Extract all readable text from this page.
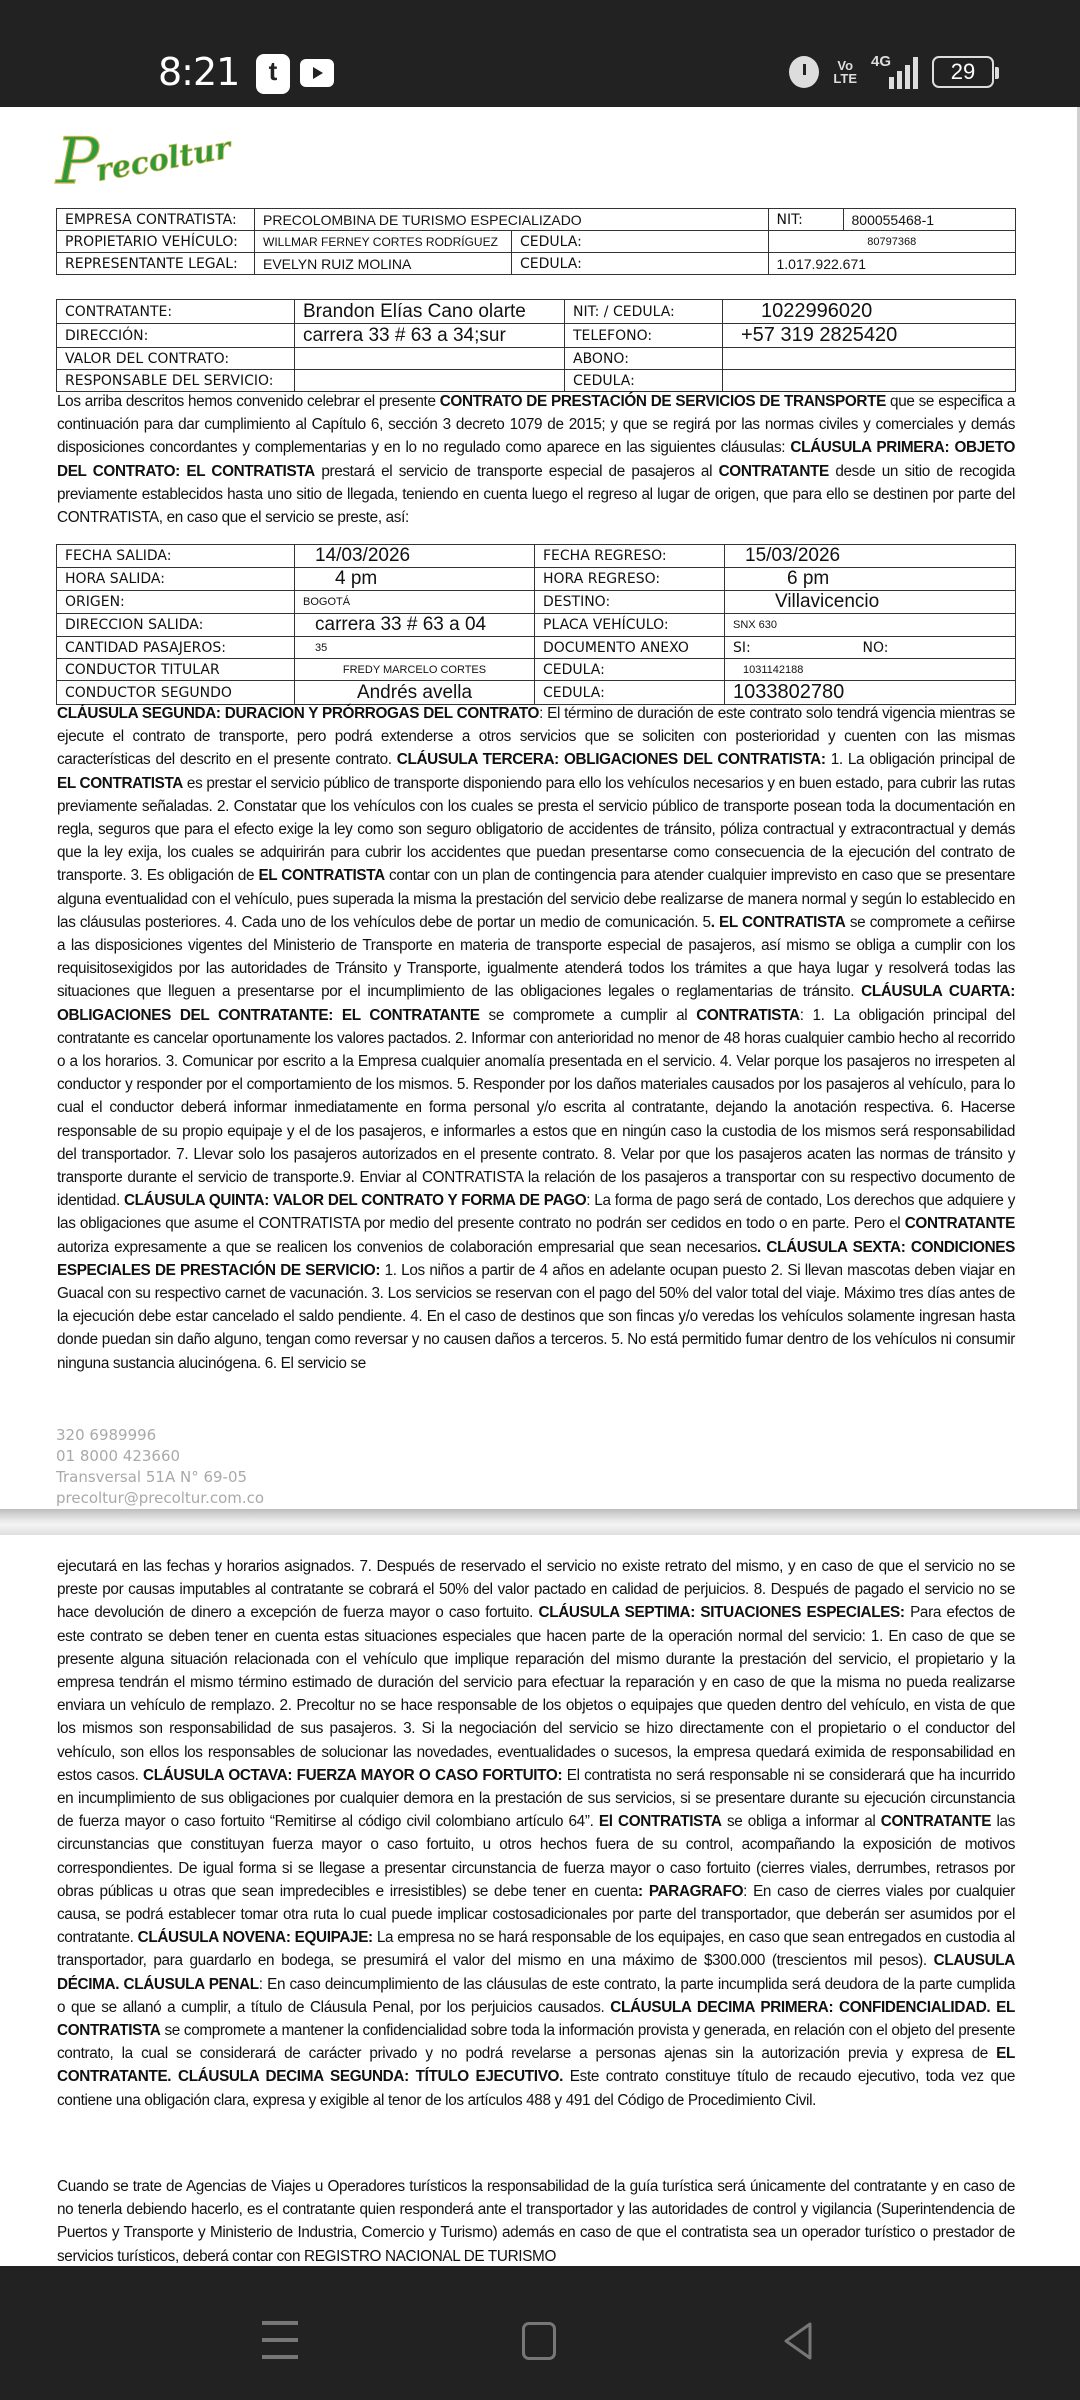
8:21	t	Vo
LTE
4G	29
P
recoltur
EMPRESA CONTRATISTA:	PRECOLOMBINA DE TURISMO ESPECIALIZADO		NIT:	800055468-1
PROPIETARIO VEHÍCULO:	WILLMAR FERNEY CORTES RODRÍGUEZ	CEDULA:	80797368	
REPRESENTANTE LEGAL:	EVELYN RUIZ MOLINA	CEDULA:	1.017.922.671	
CONTRATANTE:	Brandon Elías Cano olarte	NIT: / CEDULA:	1022996020
DIRECCIÓN:	carrera 33 # 63 a 34;sur	TELEFONO:	+57 319 2825420
VALOR DEL CONTRATO:		ABONO:	
RESPONSABLE DEL SERVICIO:		CEDULA:	
Los arriba descritos hemos convenido celebrar el presente CONTRATO DE PRESTACIÓN DE SERVICIOS DE TRANSPORTE que se especifica a continuación para dar cumplimiento al Capítulo 6, sección 3 decreto 1079 de 2015; y que se regirá por las normas civiles y comerciales y demás disposiciones concordantes y complementarias y en lo no regulado como aparece en las siguientes cláusulas: CLÁUSULA PRIMERA: OBJETO DEL CONTRATO: EL CONTRATISTA prestará el servicio de transporte especial de pasajeros al CONTRATANTE desde un sitio de recogida previamente establecidos hasta uno sitio de llegada, teniendo en cuenta luego el regreso al lugar de origen, que para ello se destinen por parte del CONTRATISTA, en caso que el servicio se preste, así:
FECHA SALIDA:	14/03/2026	FECHA REGRESO:	15/03/2026	
HORA SALIDA:	4 pm	HORA REGRESO:	6 pm	
ORIGEN:	BOGOTÁ	DESTINO:	Villavicencio	
DIRECCION SALIDA:	carrera 33 # 63 a 04	PLACA VEHÍCULO:	SNX 630	
CANTIDAD PASAJEROS:	35	DOCUMENTO ANEXO	SI:	NO:
CONDUCTOR TITULAR	FREDY MARCELO CORTES	CEDULA:	1031142188	
CONDUCTOR SEGUNDO	Andrés avella	CEDULA:	1033802780	
CLÁUSULA SEGUNDA: DURACION Y PRÓRROGAS DEL CONTRATO: El término de duración de este contrato solo tendrá vigencia mientras se ejecute el contrato de transporte, pero podrá extenderse a otros servicios que se soliciten con posterioridad y cuenten con las mismas características del descrito en el presente contrato. CLÁUSULA TERCERA: OBLIGACIONES DEL CONTRATISTA: 1. La obligación principal de EL CONTRATISTA es prestar el servicio público de transporte disponiendo para ello los vehículos necesarios y en buen estado, para cubrir las rutas previamente señaladas. 2. Constatar que los vehículos con los cuales se presta el servicio público de transporte posean toda la documentación en regla, seguros que para el efecto exige la ley como son seguro obligatorio de accidentes de tránsito, póliza contractual y extracontractual y demás que la ley exija, los cuales se adquirirán para cubrir los accidentes que puedan presentarse como consecuencia de la ejecución del contrato de transporte. 3. Es obligación de EL CONTRATISTA contar con un plan de contingencia para atender cualquier imprevisto en caso que se presentare alguna eventualidad con el vehículo, pues superada la misma la prestación del servicio debe realizarse de manera normal y según lo establecido en las cláusulas posteriores. 4. Cada uno de los vehículos debe de portar un medio de comunicación. 5. EL CONTRATISTA se compromete a ceñirse a las disposiciones vigentes del Ministerio de Transporte en materia de transporte especial de pasajeros, así mismo se obliga a cumplir con los requisitosexigidos por las autoridades de Tránsito y Transporte, igualmente atenderá todos los trámites a que haya lugar y resolverá todas las situaciones que lleguen a presentarse por el incumplimiento de las obligaciones legales o reglamentarias de tránsito. CLÁUSULA CUARTA: OBLIGACIONES DEL CONTRATANTE: EL CONTRATANTE se compromete a cumplir al CONTRATISTA: 1. La obligación principal del contratante es cancelar oportunamente los valores pactados. 2. Informar con anterioridad no menor de 48 horas cualquier cambio hecho al recorrido o a los horarios. 3. Comunicar por escrito a la Empresa cualquier anomalía presentada en el servicio. 4. Velar porque los pasajeros no irrespeten al conductor y responder por el comportamiento de los mismos. 5. Responder por los daños materiales causados por los pasajeros al vehículo, para lo cual el conductor deberá informar inmediatamente en forma personal y/o escrita al contratante, dejando la anotación respectiva. 6. Hacerse responsable de su propio equipaje y el de los pasajeros, e informarles a estos que en ningún caso la custodia de los mismos será responsabilidad del transportador. 7. Llevar solo los pasajeros autorizados en el presente contrato. 8. Velar por que los pasajeros acaten las normas de tránsito y transporte durante el servicio de transporte.9. Enviar al CONTRATISTA la relación de los pasajeros a transportar con su respectivo documento de identidad. CLÁUSULA QUINTA: VALOR DEL CONTRATO Y FORMA DE PAGO: La forma de pago será de contado, Los derechos que adquiere y las obligaciones que asume el CONTRATISTA por medio del presente contrato no podrán ser cedidos en todo o en parte. Pero el CONTRATANTE autoriza expresamente a que se realicen los convenios de colaboración empresarial que sean necesarios. CLÁUSULA SEXTA: CONDICIONES ESPECIALES DE PRESTACIÓN DE SERVICIO: 1. Los niños a partir de 4 años en adelante ocupan puesto 2. Si llevan mascotas deben viajar en Guacal con su respectivo carnet de vacunación. 3. Los servicios se reservan con el pago del 50% del valor total del viaje. Máximo tres días antes de la ejecución debe estar cancelado el saldo pendiente. 4. En el caso de destinos que son fincas y/o veredas los vehículos solamente ingresan hasta donde puedan sin daño alguno, tengan como reversar y no causen daños a terceros. 5. No está permitido fumar dentro de los vehículos ni consumir ninguna sustancia alucinógena. 6. El servicio se
320 6989996
01 8000 423660
Transversal 51A N° 69-05
precoltur@precoltur.com.co
ejecutará en las fechas y horarios asignados. 7. Después de reservado el servicio no existe retrato del mismo, y en caso de que el servicio no se preste por causas imputables al contratante se cobrará el 50% del valor pactado en calidad de perjuicios. 8. Después de pagado el servicio no se hace devolución de dinero a excepción de fuerza mayor o caso fortuito. CLÁUSULA SEPTIMA: SITUACIONES ESPECIALES: Para efectos de este contrato se deben tener en cuenta estas situaciones especiales que hacen parte de la operación normal del servicio: 1. En caso de que se presente alguna situación relacionada con el vehículo que implique reparación del mismo durante la prestación del servicio, el propietario y la empresa tendrán el mismo término estimado de duración del servicio para efectuar la reparación y en caso de que la misma no pueda realizarse enviara un vehículo de remplazo. 2. Precoltur no se hace responsable de los objetos o equipajes que queden dentro del vehículo, en vista de que los mismos son responsabilidad de sus pasajeros. 3. Si la negociación del servicio se hizo directamente con el propietario o el conductor del vehículo, son ellos los responsables de solucionar las novedades, eventualidades o sucesos, la empresa quedará eximida de responsabilidad en estos casos. CLÁUSULA OCTAVA: FUERZA MAYOR O CASO FORTUITO: El contratista no será responsable ni se considerará que ha incurrido en incumplimiento de sus obligaciones por cualquier demora en la prestación de sus servicios, si se presentare durante su ejecución circunstancia de fuerza mayor o caso fortuito “Remitirse al código civil colombiano artículo 64”. El CONTRATISTA se obliga a informar al CONTRATANTE las circunstancias que constituyan fuerza mayor o caso fortuito, u otros hechos fuera de su control, acompañando la exposición de motivos correspondientes. De igual forma si se llegase a presentar circunstancia de fuerza mayor o caso fortuito (cierres viales, derrumbes, retrasos por obras públicas u otras que sean impredecibles e irresistibles) se debe tener en cuenta: PARAGRAFO: En caso de cierres viales por cualquier causa, se podrá establecer tomar otra ruta lo cual puede implicar costosadicionales por parte del transportador, que deberán ser asumidos por el contratante. CLÁUSULA NOVENA: EQUIPAJE: La empresa no se hará responsable de los equipajes, en caso que sean entregados en custodia al transportador, para guardarlo en bodega, se presumirá el valor del mismo en una máximo de $300.000 (trescientos mil pesos). CLAUSULA DÉCIMA. CLÁUSULA PENAL: En caso deincumplimiento de las cláusulas de este contrato, la parte incumplida será deudora de la parte cumplida o que se allanó a cumplir, a título de Cláusula Penal, por los perjuicios causados. CLÁUSULA DECIMA PRIMERA: CONFIDENCIALIDAD. EL CONTRATISTA se compromete a mantener la confidencialidad sobre toda la información provista y generada, en relación con el objeto del presente contrato, la cual se considerará de carácter privado y no podrá revelarse a personas ajenas sin la autorización previa y expresa de EL CONTRATANTE. CLÁUSULA DECIMA SEGUNDA: TÍTULO EJECUTIVO. Este contrato constituye título de recaudo ejecutivo, toda vez que contiene una obligación clara, expresa y exigible al tenor de los artículos 488 y 491 del Código de Procedimiento Civil.
Cuando se trate de Agencias de Viajes u Operadores turísticos la responsabilidad de la guía turística será únicamente del contratante y en caso de no tenerla debiendo hacerlo, es el contratante quien responderá ante el transportador y las autoridades de control y vigilancia (Superintendencia de Puertos y Transporte y Ministerio de Industria, Comercio y Turismo) además en caso de que el contratista sea un operador turístico o prestador de servicios turísticos, deberá contar con REGISTRO NACIONAL DE TURISMO
